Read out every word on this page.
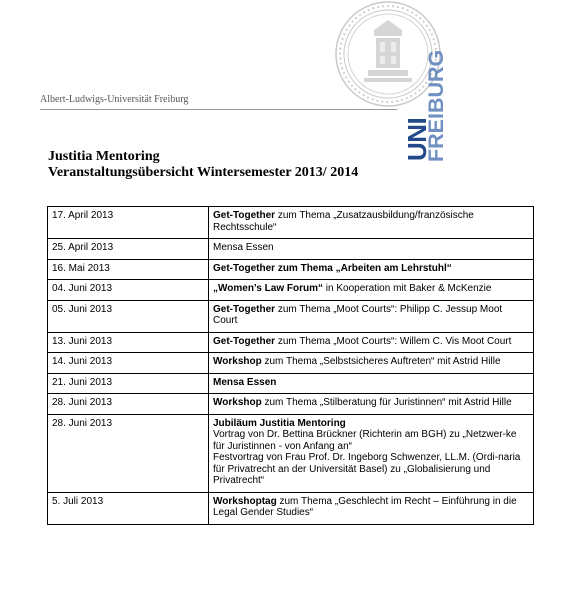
UNI
FREIBURG
Albert-Ludwigs-Universität Freiburg
Justitia Mentoring
Veranstaltungsübersicht Wintersemester 2013/ 2014
17. April 2013	Get-Together zum Thema „Zusatzausbildung/französische Rechtsschule“

25. April 2013	Mensa Essen

16. Mai 2013	Get-Together zum Thema „Arbeiten am Lehrstuhl“

04. Juni 2013	„Women’s Law Forum“ in Kooperation mit Baker & McKenzie

05. Juni 2013	Get-Together zum Thema „Moot Courts“: Philipp C. Jessup Moot Court

13. Juni 2013	Get-Together zum Thema „Moot Courts“: Willem C. Vis Moot Court

14. Juni 2013	Workshop zum Thema „Selbstsicheres Auftreten“ mit Astrid Hille

21. Juni 2013	Mensa Essen

28. Juni 2013	Workshop zum Thema „Stilberatung für Juristinnen“ mit Astrid Hille

28. Juni 2013	Jubiläum Justitia Mentoring
Vortrag von Dr. Bettina Brückner (Richterin am BGH) zu „Netzwer-ke für Juristinnen - von Anfang an“
Festvortrag von Frau Prof. Dr. Ingeborg Schwenzer, LL.M. (Ordi-naria für Privatrecht an der Universität Basel) zu „Globalisierung und Privatrecht“

5. Juli 2013	Workshoptag zum Thema „Geschlecht im Recht – Einführung in die Legal Gender Studies“
